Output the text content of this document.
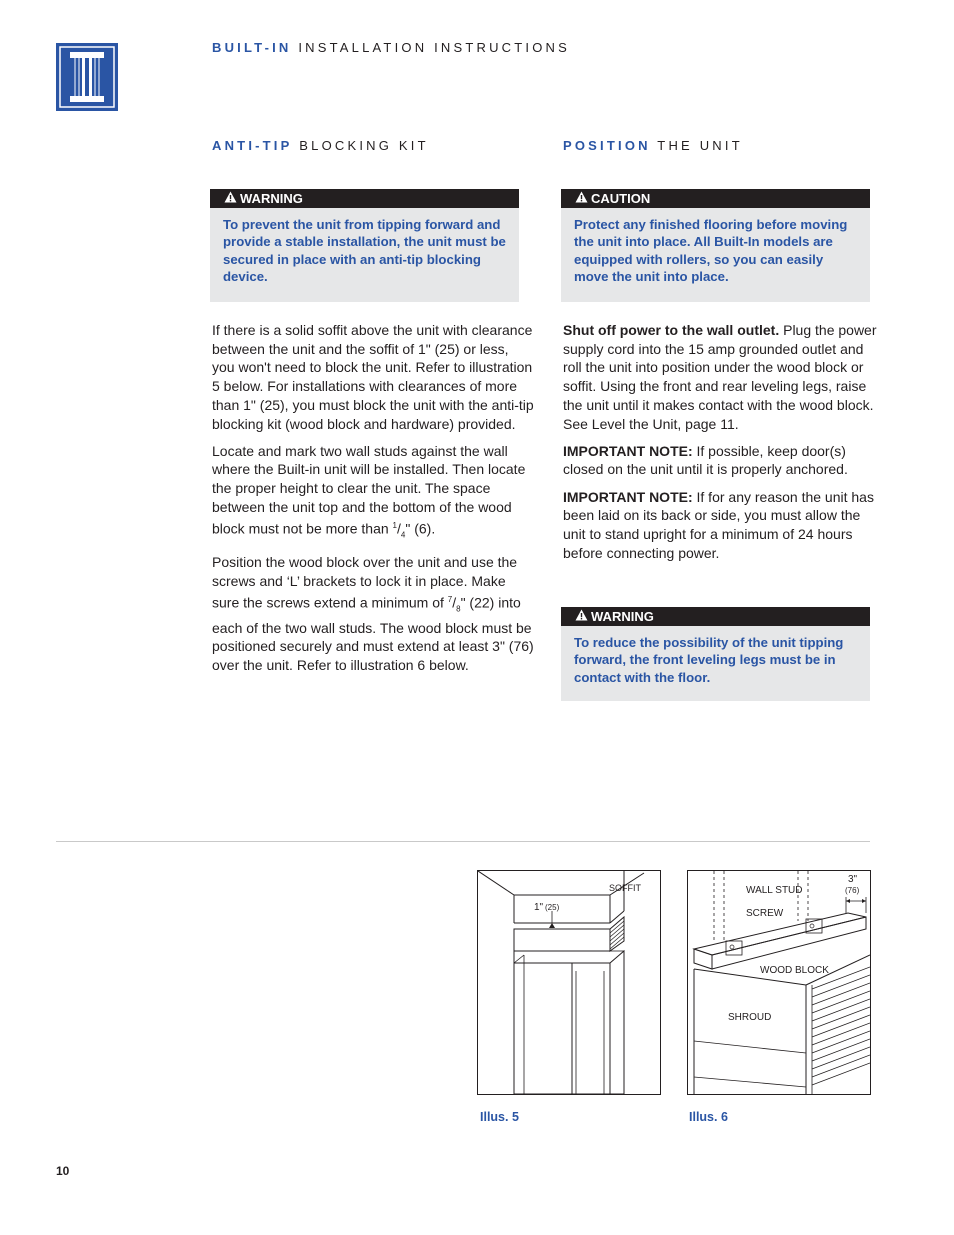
BUILT-IN INSTALLATION INSTRUCTIONS
ANTI-TIP BLOCKING KIT	POSITION THE UNIT
WARNING
To prevent the unit from tipping forward and provide a stable installation, the unit must be secured in place with an anti-tip blocking device.
CAUTION
Protect any finished flooring before moving the unit into place. All Built-In models are equipped with rollers, so you can easily move the unit into place.

If there is a solid soffit above the unit with clearance between the unit and the soffit of 1" (25) or less, you won't need to block the unit. Refer to illustration 5 below. For installations with clearances of more than 1" (25), you must block the unit with the anti-tip blocking kit (wood block and hardware) provided.

Locate and mark two wall studs against the wall where the Built-in unit will be installed. Then locate the proper height to clear the unit. The space between the unit top and the bottom of the wood block must not be more than $^1/_4$" (6).

Position the wood block over the unit and use the screws and ‘L’ brackets to lock it in place. Make sure the screws extend a minimum of $^7/_8$" (22) into each of the two wall studs. The wood block must be positioned securely and must extend at least 3" (76) over the unit. Refer to illustration 6 below.

Shut off power to the wall outlet. Plug the power supply cord into the 15 amp grounded outlet and roll the unit into position under the wood block or soffit. Using the front and rear leveling legs, raise the unit until it makes contact with the wood block. See Level the Unit, page 11.

IMPORTANT NOTE: If possible, keep door(s) closed on the unit until it is properly anchored.

IMPORTANT NOTE: If for any reason the unit has been laid on its back or side, you must allow the unit to stand upright for a minimum of 24 hours before connecting power.

WARNING
To reduce the possibility of the unit tipping forward, the front leveling legs must be in contact with the floor.
SOFFIT
1" (25)
Illus. 5
WALL STUD
SCREW
WOOD BLOCK
SHROUD
3"
(76)
Illus. 6
10
